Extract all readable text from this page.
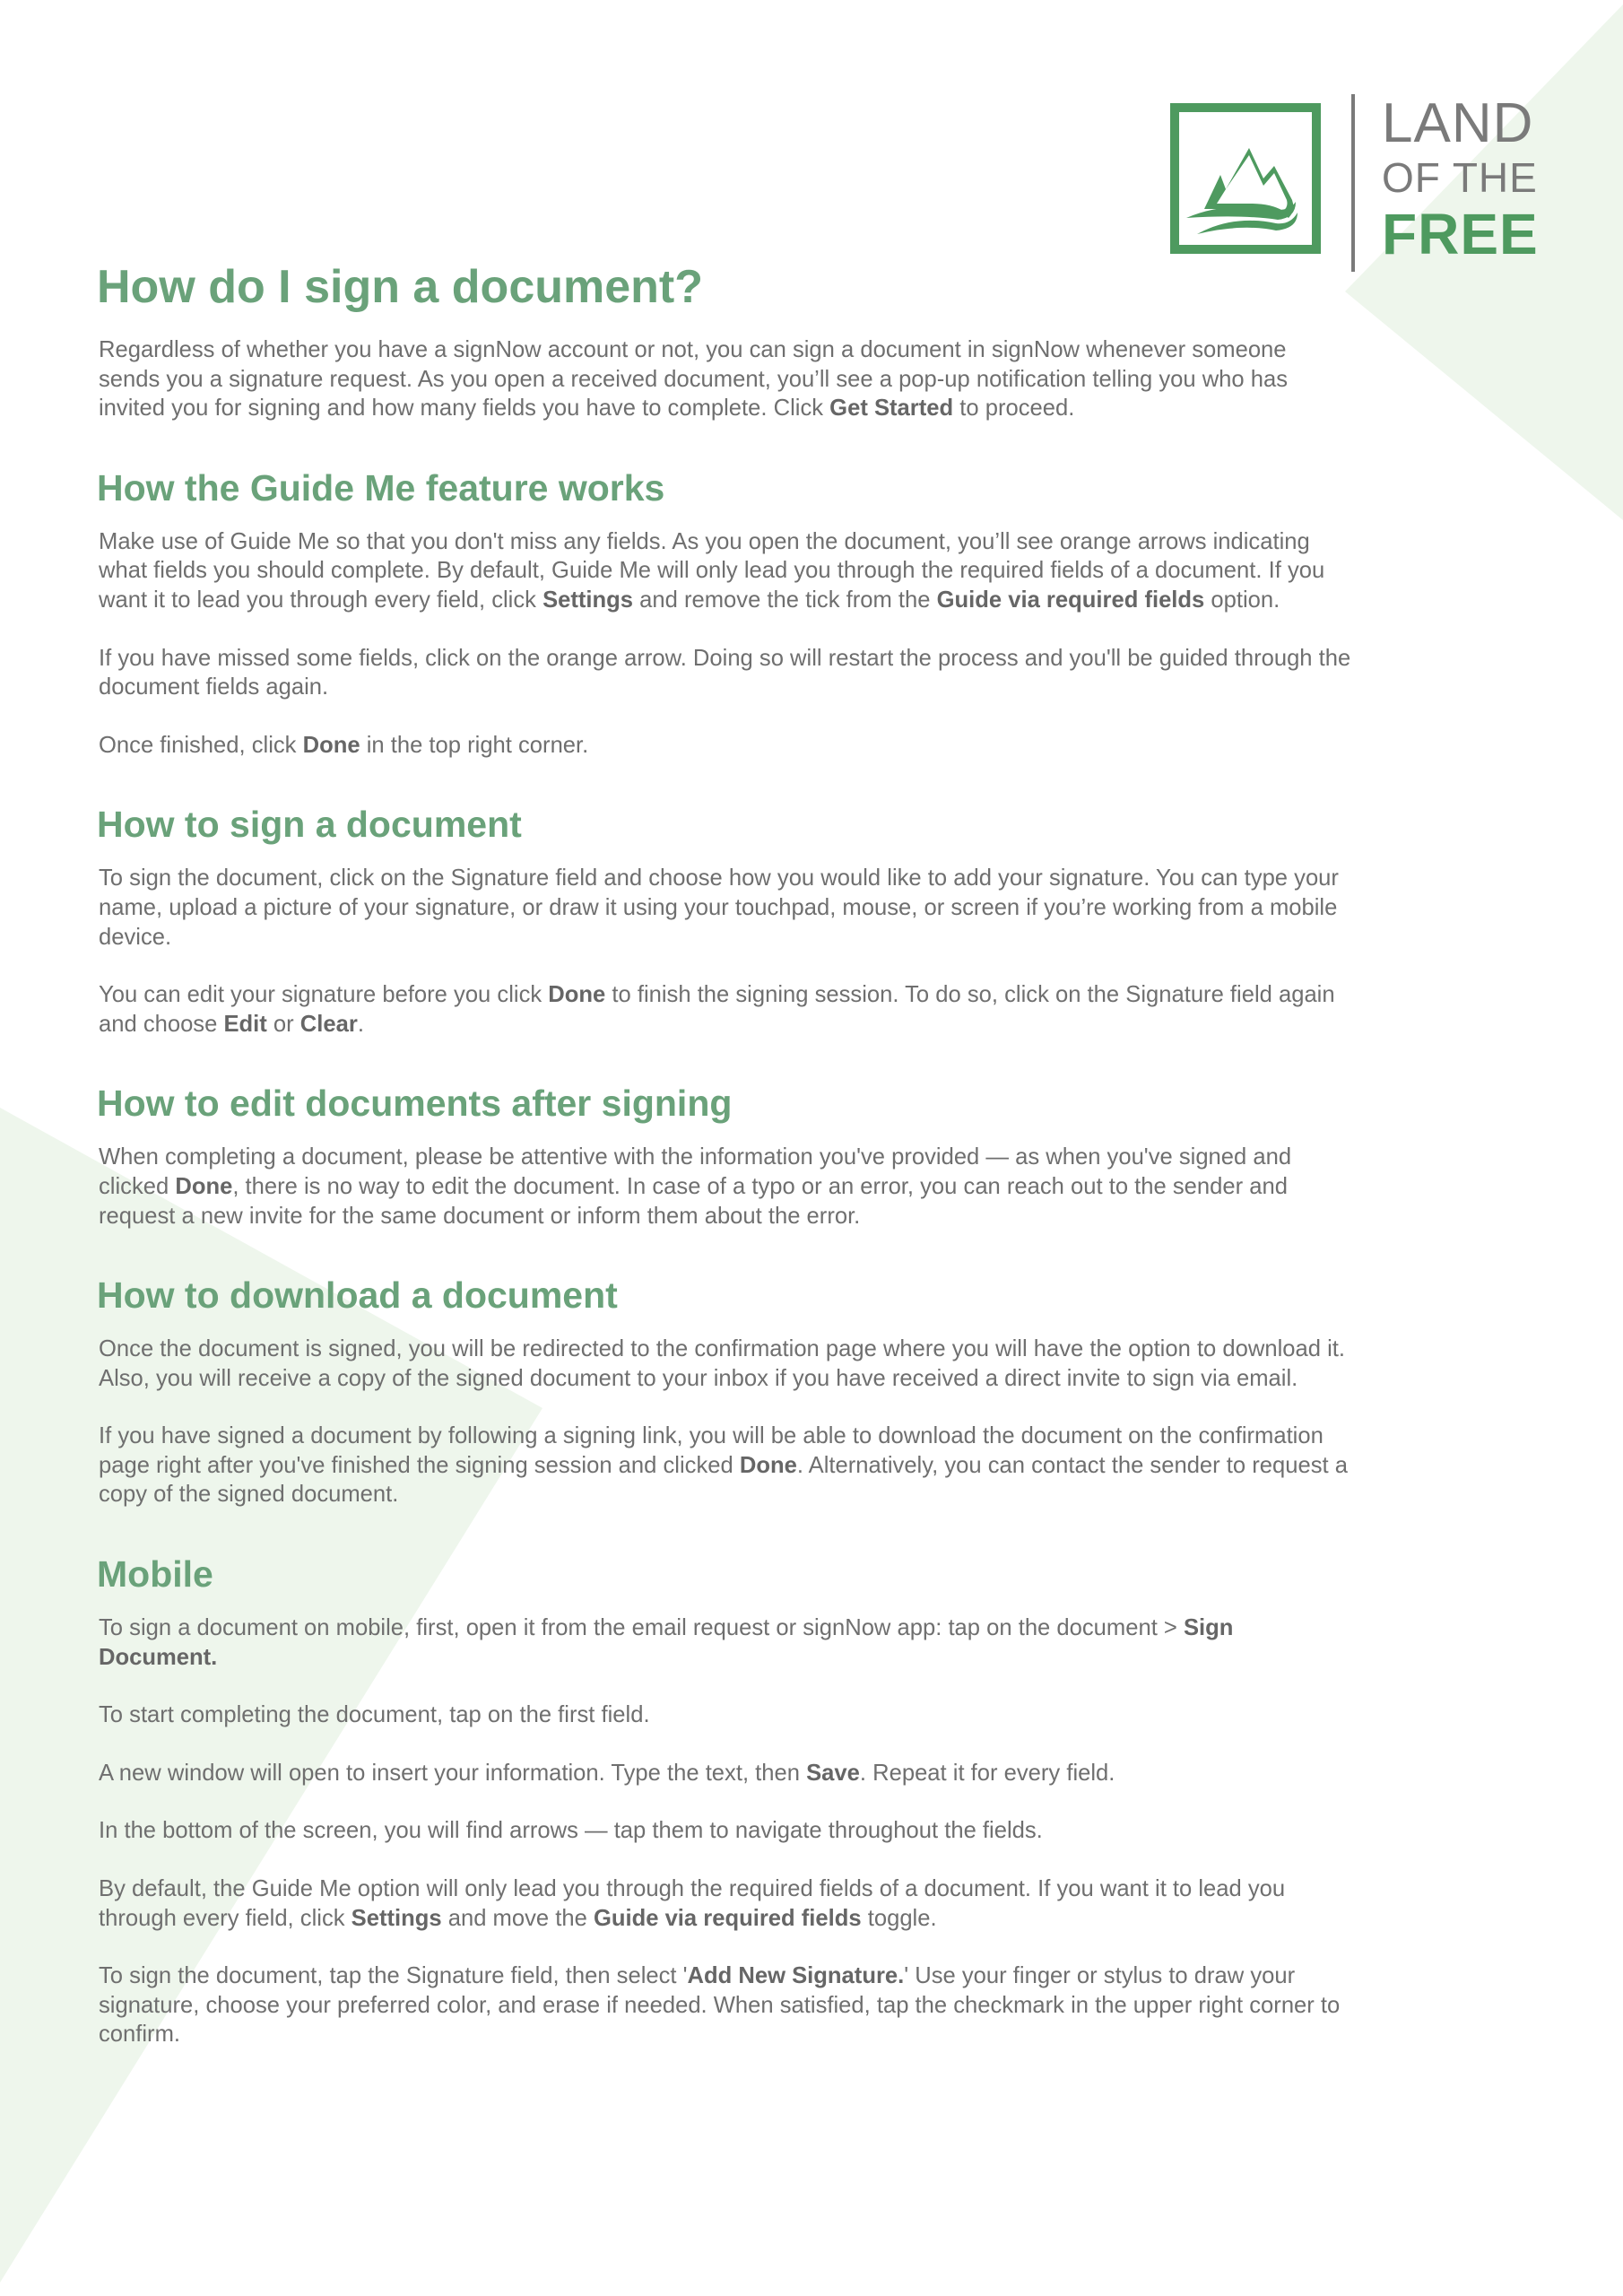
LAND
OF THE
FREE
How do I sign a document?

Regardless of whether you have a signNow account or not, you can sign a document in signNow whenever someone sends you a signature request. As you open a received document, you’ll see a pop-up notification telling you who has invited you for signing and how many fields you have to complete. Click Get Started to proceed.

How the Guide Me feature works

Make use of Guide Me so that you don't miss any fields. As you open the document, you’ll see orange arrows indicating what fields you should complete. By default, Guide Me will only lead you through the required fields of a document. If you want it to lead you through every field, click Settings and remove the tick from the Guide via required fields option.

If you have missed some fields, click on the orange arrow. Doing so will restart the process and you'll be guided through the document fields again.

Once finished, click Done in the top right corner.

How to sign a document

To sign the document, click on the Signature field and choose how you would like to add your signature. You can type your name, upload a picture of your signature, or draw it using your touchpad, mouse, or screen if you’re working from a mobile device.

You can edit your signature before you click Done to finish the signing session. To do so, click on the Signature field again and choose Edit or Clear.

How to edit documents after signing

When completing a document, please be attentive with the information you've provided — as when you've signed and clicked Done, there is no way to edit the document. In case of a typo or an error, you can reach out to the sender and request a new invite for the same document or inform them about the error.

How to download a document

Once the document is signed, you will be redirected to the confirmation page where you will have the option to download it. Also, you will receive a copy of the signed document to your inbox if you have received a direct invite to sign via email.

If you have signed a document by following a signing link, you will be able to download the document on the confirmation page right after you've finished the signing session and clicked Done. Alternatively, you can contact the sender to request a copy of the signed document.

Mobile

To sign a document on mobile, first, open it from the email request or signNow app: tap on the document > Sign Document.

To start completing the document, tap on the first field.

A new window will open to insert your information. Type the text, then Save. Repeat it for every field.

In the bottom of the screen, you will find arrows — tap them to navigate throughout the fields.

By default, the Guide Me option will only lead you through the required fields of a document. If you want it to lead you through every field, click Settings and move the Guide via required fields toggle.

To sign the document, tap the Signature field, then select 'Add New Signature.' Use your finger or stylus to draw your signature, choose your preferred color, and erase if needed. When satisfied, tap the checkmark in the upper right corner to confirm.
